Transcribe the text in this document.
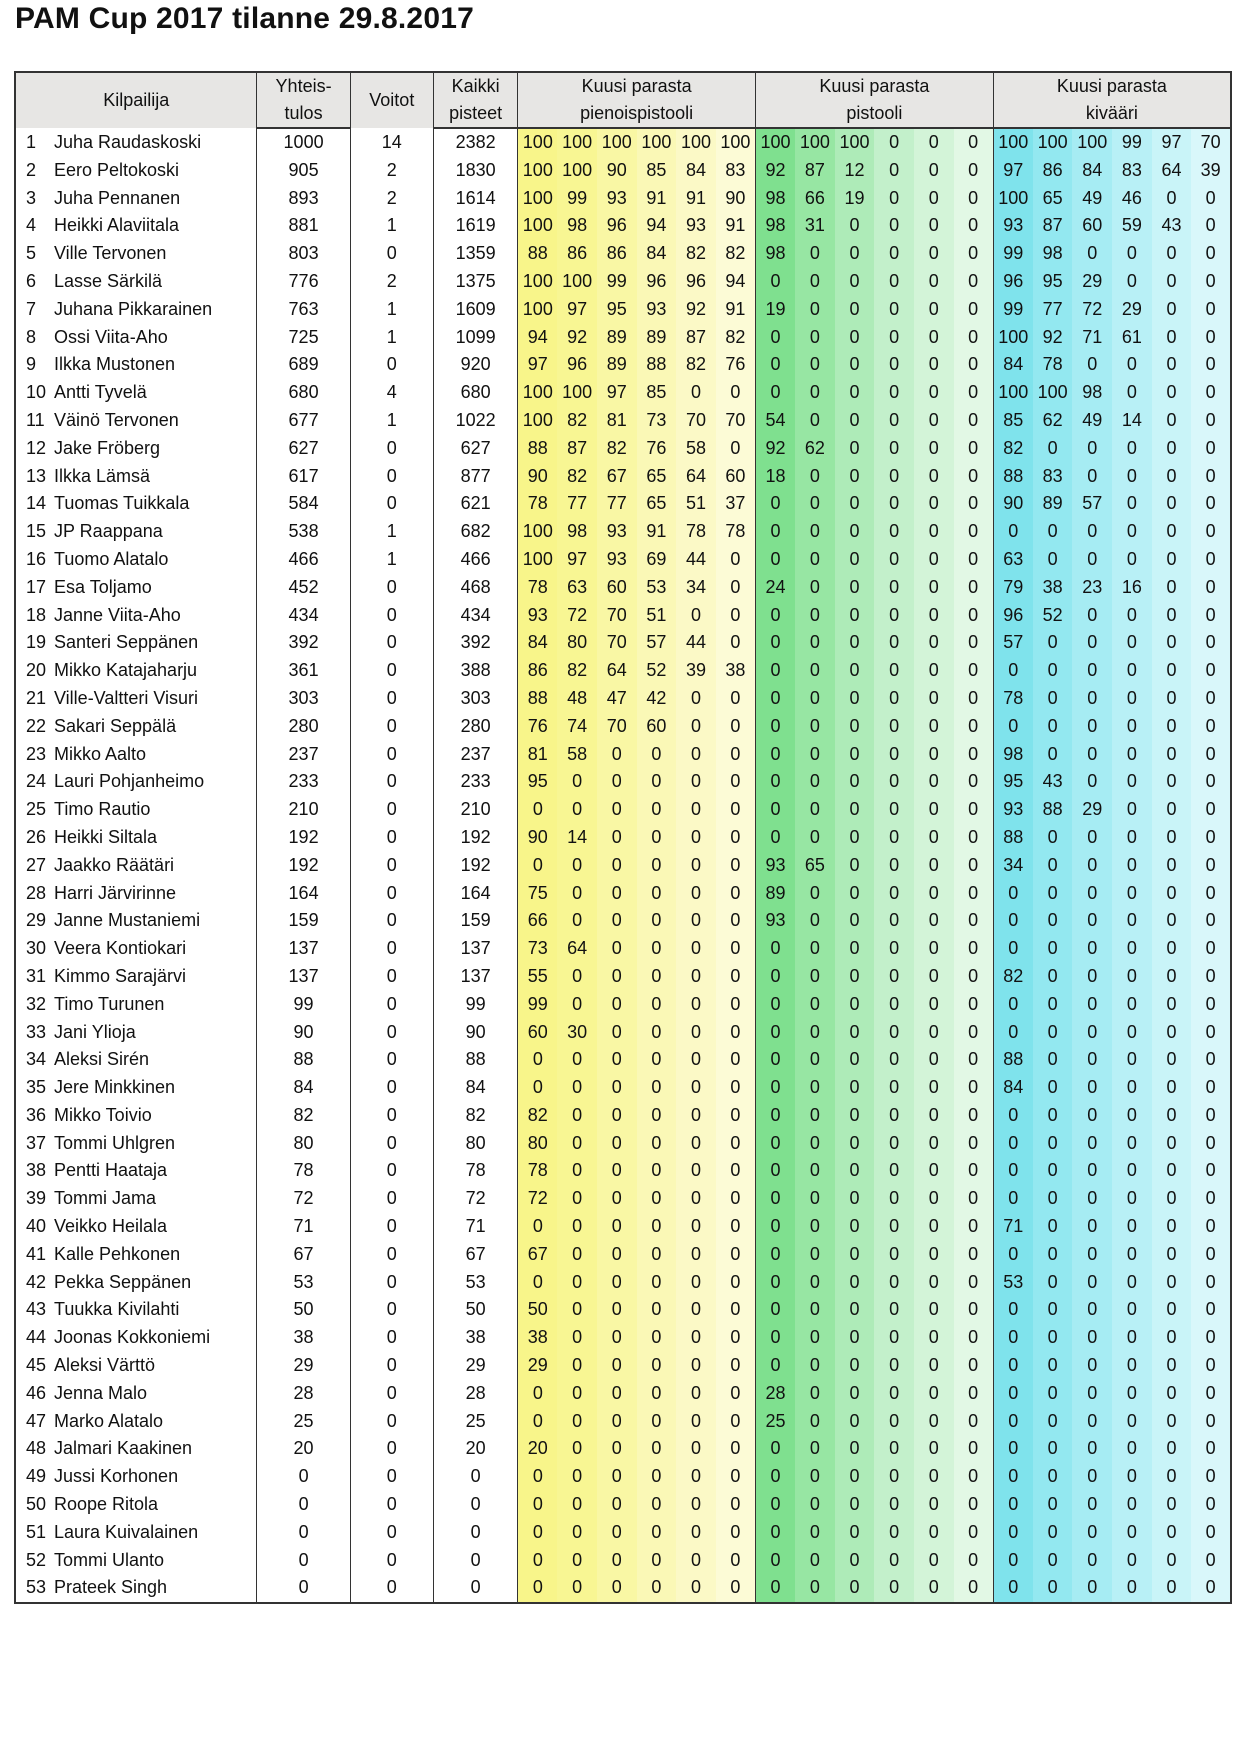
PAM Cup 2017 tilanne 29.8.2017
Kilpailija	Yhteis-	Voitot	Kaikki	Kuusi parasta						Kuusi parasta						Kuusi parasta					
	tulos		pisteet	pienoispistooli						pistooli						kivääri					
1 Juha Raudaskoski	1000	14	2382	100	100	100	100	100	100	100	100	100	0	0	0	100	100	100	99	97	70
2 Eero Peltokoski	905	2	1830	100	100	90	85	84	83	92	87	12	0	0	0	97	86	84	83	64	39
3 Juha Pennanen	893	2	1614	100	99	93	91	91	90	98	66	19	0	0	0	100	65	49	46	0	0
4 Heikki Alaviitala	881	1	1619	100	98	96	94	93	91	98	31	0	0	0	0	93	87	60	59	43	0
5 Ville Tervonen	803	0	1359	88	86	86	84	82	82	98	0	0	0	0	0	99	98	0	0	0	0
6 Lasse Särkilä	776	2	1375	100	100	99	96	96	94	0	0	0	0	0	0	96	95	29	0	0	0
7 Juhana Pikkarainen	763	1	1609	100	97	95	93	92	91	19	0	0	0	0	0	99	77	72	29	0	0
8 Ossi Viita-Aho	725	1	1099	94	92	89	89	87	82	0	0	0	0	0	0	100	92	71	61	0	0
9 Ilkka Mustonen	689	0	920	97	96	89	88	82	76	0	0	0	0	0	0	84	78	0	0	0	0
10 Antti Tyvelä	680	4	680	100	100	97	85	0	0	0	0	0	0	0	0	100	100	98	0	0	0
11 Väinö Tervonen	677	1	1022	100	82	81	73	70	70	54	0	0	0	0	0	85	62	49	14	0	0
12 Jake Fröberg	627	0	627	88	87	82	76	58	0	92	62	0	0	0	0	82	0	0	0	0	0
13 Ilkka Lämsä	617	0	877	90	82	67	65	64	60	18	0	0	0	0	0	88	83	0	0	0	0
14 Tuomas Tuikkala	584	0	621	78	77	77	65	51	37	0	0	0	0	0	0	90	89	57	0	0	0
15 JP Raappana	538	1	682	100	98	93	91	78	78	0	0	0	0	0	0	0	0	0	0	0	0
16 Tuomo Alatalo	466	1	466	100	97	93	69	44	0	0	0	0	0	0	0	63	0	0	0	0	0
17 Esa Toljamo	452	0	468	78	63	60	53	34	0	24	0	0	0	0	0	79	38	23	16	0	0
18 Janne Viita-Aho	434	0	434	93	72	70	51	0	0	0	0	0	0	0	0	96	52	0	0	0	0
19 Santeri Seppänen	392	0	392	84	80	70	57	44	0	0	0	0	0	0	0	57	0	0	0	0	0
20 Mikko Katajaharju	361	0	388	86	82	64	52	39	38	0	0	0	0	0	0	0	0	0	0	0	0
21 Ville-Valtteri Visuri	303	0	303	88	48	47	42	0	0	0	0	0	0	0	0	78	0	0	0	0	0
22 Sakari Seppälä	280	0	280	76	74	70	60	0	0	0	0	0	0	0	0	0	0	0	0	0	0
23 Mikko Aalto	237	0	237	81	58	0	0	0	0	0	0	0	0	0	0	98	0	0	0	0	0
24 Lauri Pohjanheimo	233	0	233	95	0	0	0	0	0	0	0	0	0	0	0	95	43	0	0	0	0
25 Timo Rautio	210	0	210	0	0	0	0	0	0	0	0	0	0	0	0	93	88	29	0	0	0
26 Heikki Siltala	192	0	192	90	14	0	0	0	0	0	0	0	0	0	0	88	0	0	0	0	0
27 Jaakko Räätäri	192	0	192	0	0	0	0	0	0	93	65	0	0	0	0	34	0	0	0	0	0
28 Harri Järvirinne	164	0	164	75	0	0	0	0	0	89	0	0	0	0	0	0	0	0	0	0	0
29 Janne Mustaniemi	159	0	159	66	0	0	0	0	0	93	0	0	0	0	0	0	0	0	0	0	0
30 Veera Kontiokari	137	0	137	73	64	0	0	0	0	0	0	0	0	0	0	0	0	0	0	0	0
31 Kimmo Sarajärvi	137	0	137	55	0	0	0	0	0	0	0	0	0	0	0	82	0	0	0	0	0
32 Timo Turunen	99	0	99	99	0	0	0	0	0	0	0	0	0	0	0	0	0	0	0	0	0
33 Jani Ylioja	90	0	90	60	30	0	0	0	0	0	0	0	0	0	0	0	0	0	0	0	0
34 Aleksi Sirén	88	0	88	0	0	0	0	0	0	0	0	0	0	0	0	88	0	0	0	0	0
35 Jere Minkkinen	84	0	84	0	0	0	0	0	0	0	0	0	0	0	0	84	0	0	0	0	0
36 Mikko Toivio	82	0	82	82	0	0	0	0	0	0	0	0	0	0	0	0	0	0	0	0	0
37 Tommi Uhlgren	80	0	80	80	0	0	0	0	0	0	0	0	0	0	0	0	0	0	0	0	0
38 Pentti Haataja	78	0	78	78	0	0	0	0	0	0	0	0	0	0	0	0	0	0	0	0	0
39 Tommi Jama	72	0	72	72	0	0	0	0	0	0	0	0	0	0	0	0	0	0	0	0	0
40 Veikko Heilala	71	0	71	0	0	0	0	0	0	0	0	0	0	0	0	71	0	0	0	0	0
41 Kalle Pehkonen	67	0	67	67	0	0	0	0	0	0	0	0	0	0	0	0	0	0	0	0	0
42 Pekka Seppänen	53	0	53	0	0	0	0	0	0	0	0	0	0	0	0	53	0	0	0	0	0
43 Tuukka Kivilahti	50	0	50	50	0	0	0	0	0	0	0	0	0	0	0	0	0	0	0	0	0
44 Joonas Kokkoniemi	38	0	38	38	0	0	0	0	0	0	0	0	0	0	0	0	0	0	0	0	0
45 Aleksi Värttö	29	0	29	29	0	0	0	0	0	0	0	0	0	0	0	0	0	0	0	0	0
46 Jenna Malo	28	0	28	0	0	0	0	0	0	28	0	0	0	0	0	0	0	0	0	0	0
47 Marko Alatalo	25	0	25	0	0	0	0	0	0	25	0	0	0	0	0	0	0	0	0	0	0
48 Jalmari Kaakinen	20	0	20	20	0	0	0	0	0	0	0	0	0	0	0	0	0	0	0	0	0
49 Jussi Korhonen	0	0	0	0	0	0	0	0	0	0	0	0	0	0	0	0	0	0	0	0	0
50 Roope Ritola	0	0	0	0	0	0	0	0	0	0	0	0	0	0	0	0	0	0	0	0	0
51 Laura Kuivalainen	0	0	0	0	0	0	0	0	0	0	0	0	0	0	0	0	0	0	0	0	0
52 Tommi Ulanto	0	0	0	0	0	0	0	0	0	0	0	0	0	0	0	0	0	0	0	0	0
53 Prateek Singh	0	0	0	0	0	0	0	0	0	0	0	0	0	0	0	0	0	0	0	0	0
